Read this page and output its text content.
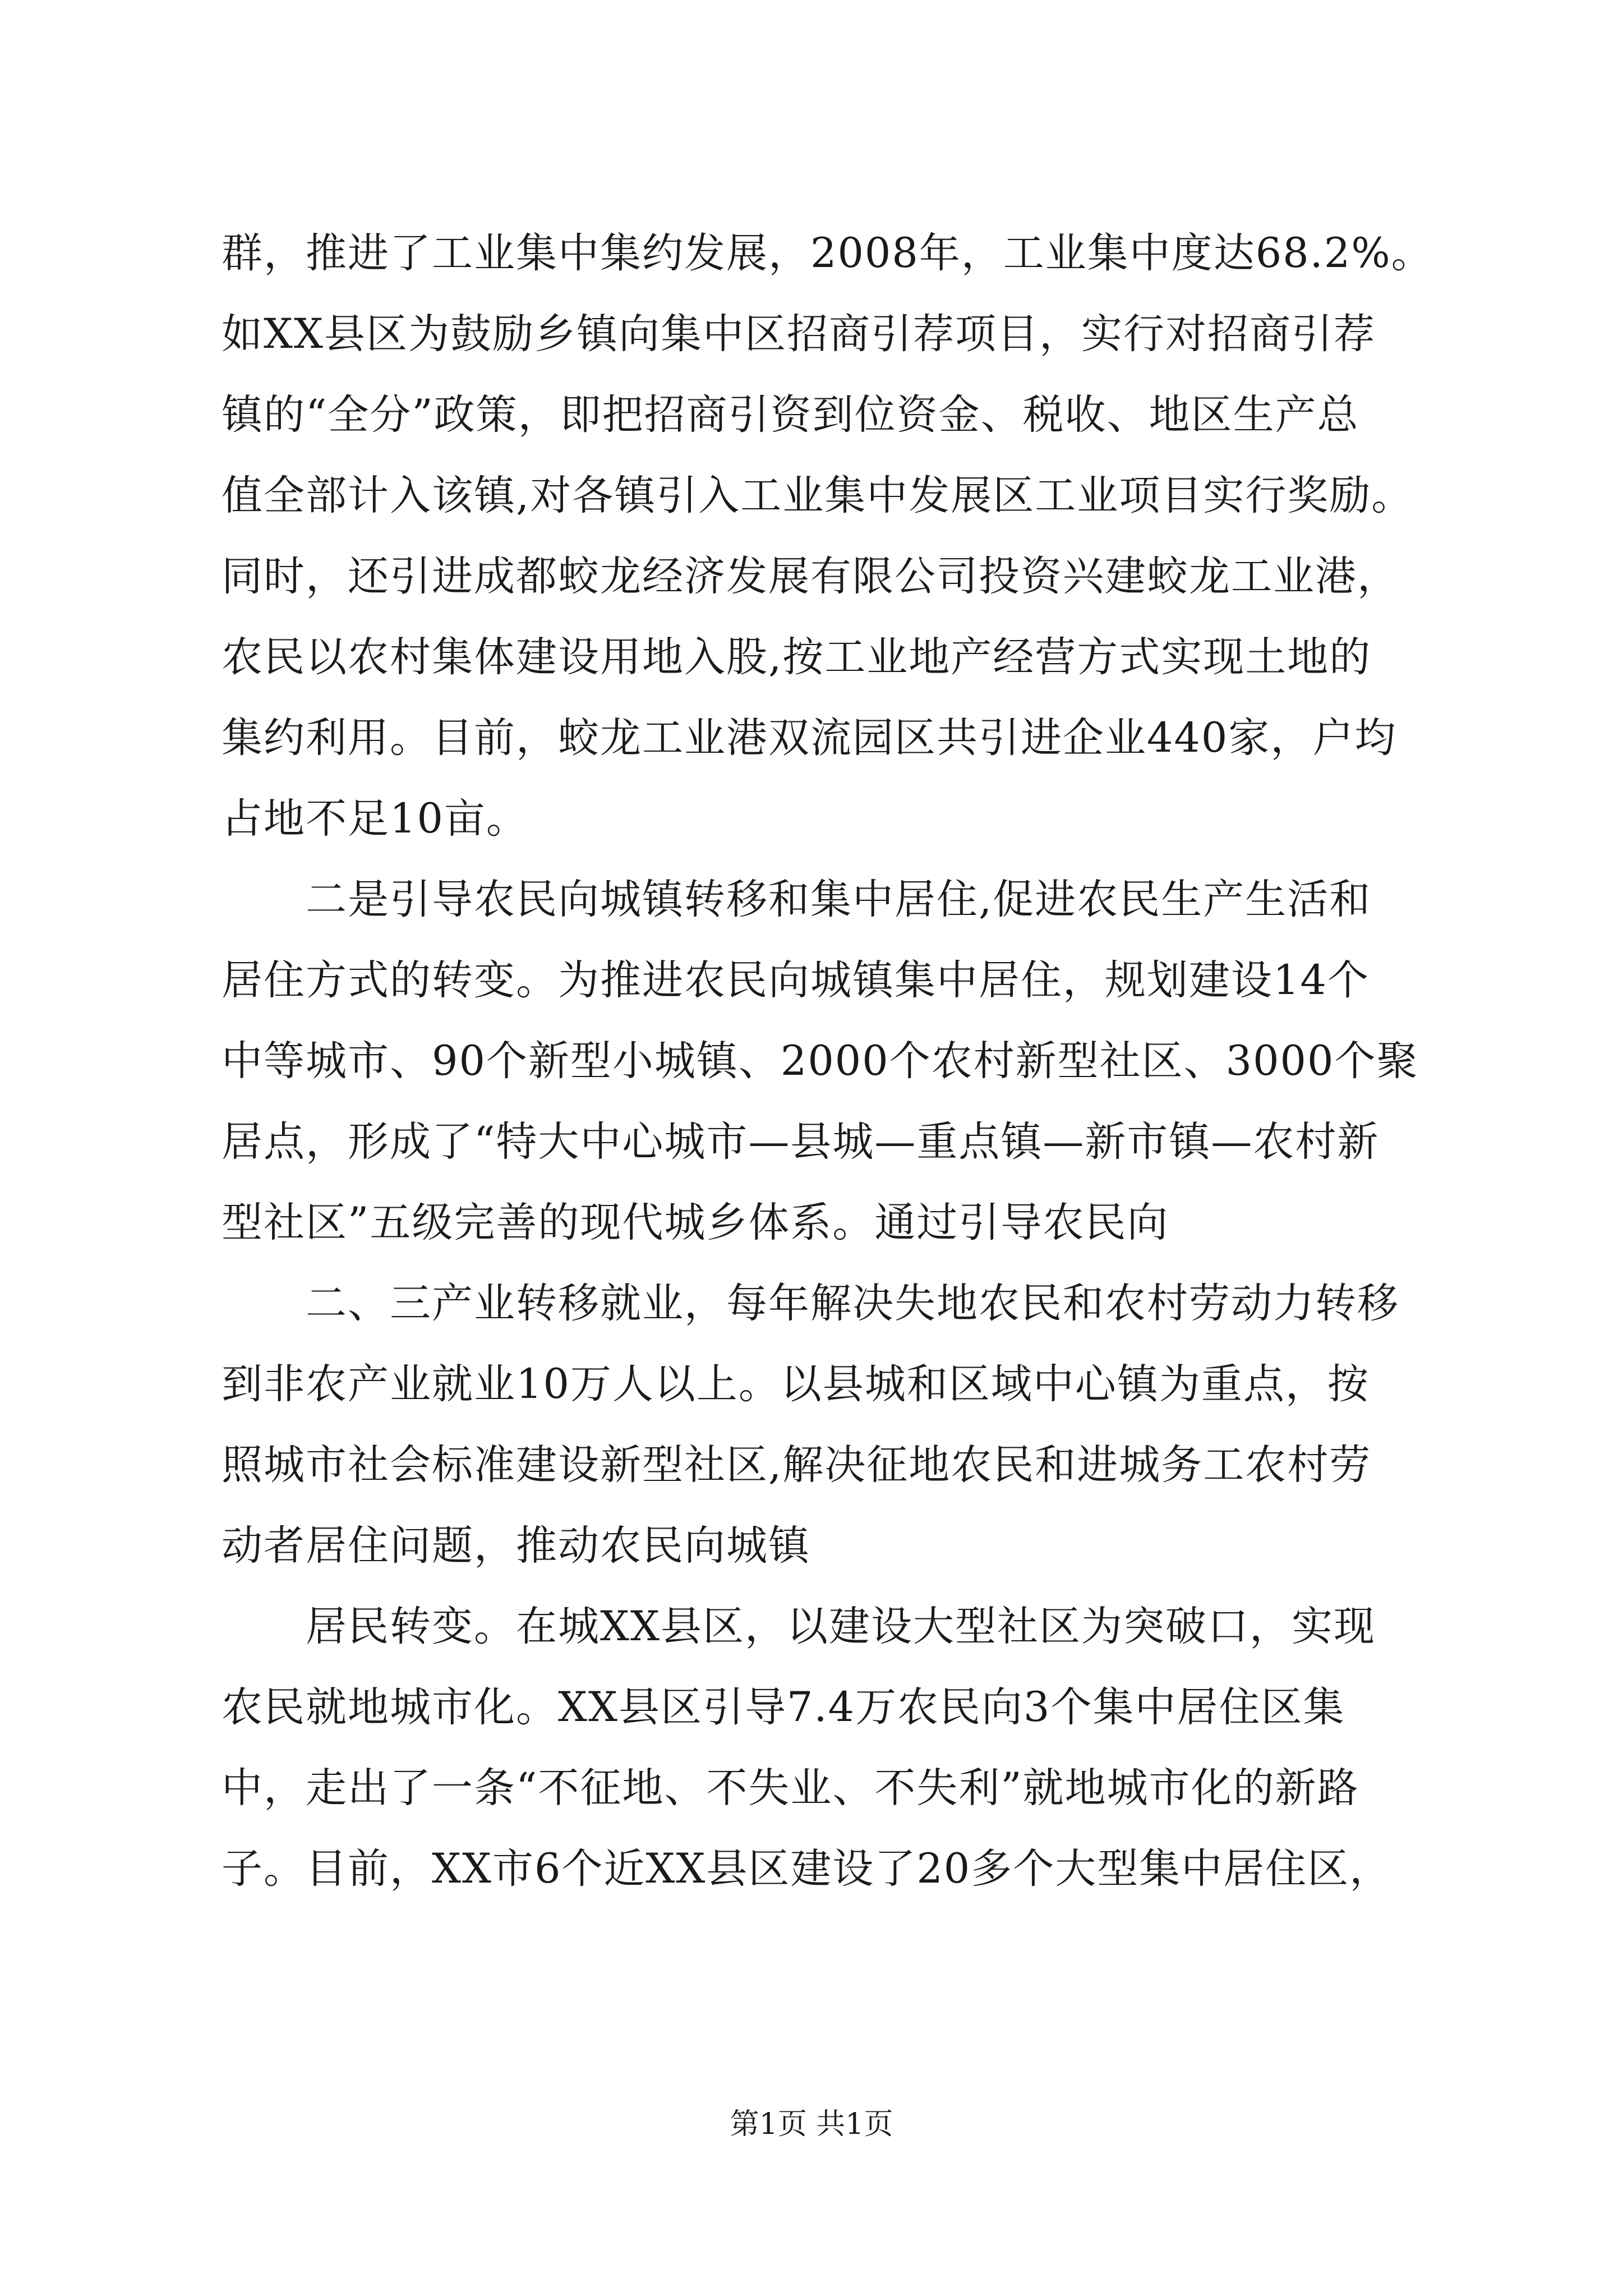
群，推进了工业集中集约发展，2008年，工业集中度达68.2%。
如XX县区为鼓励乡镇向集中区招商引荐项目，实行对招商引荐
镇的“全分”政策，即把招商引资到位资金、税收、地区生产总
值全部计入该镇,对各镇引入工业集中发展区工业项目实行奖励。
同时，还引进成都蛟龙经济发展有限公司投资兴建蛟龙工业港，
农民以农村集体建设用地入股,按工业地产经营方式实现土地的
集约利用。目前，蛟龙工业港双流园区共引进企业440家，户均
占地不足10亩。
二是引导农民向城镇转移和集中居住,促进农民生产生活和
居住方式的转变。为推进农民向城镇集中居住，规划建设14个
中等城市、90个新型小城镇、2000个农村新型社区、3000个聚
居点，形成了“特大中心城市—县城—重点镇—新市镇—农村新
型社区”五级完善的现代城乡体系。通过引导农民向
二、三产业转移就业，每年解决失地农民和农村劳动力转移
到非农产业就业10万人以上。以县城和区域中心镇为重点，按
照城市社会标准建设新型社区,解决征地农民和进城务工农村劳
动者居住问题，推动农民向城镇
居民转变。在城XX县区，以建设大型社区为突破口，实现
农民就地城市化。XX县区引导7.4万农民向3个集中居住区集
中，走出了一条“不征地、不失业、不失利”就地城市化的新路
子。目前，XX市6个近XX县区建设了20多个大型集中居住区，
第1页 共1页
